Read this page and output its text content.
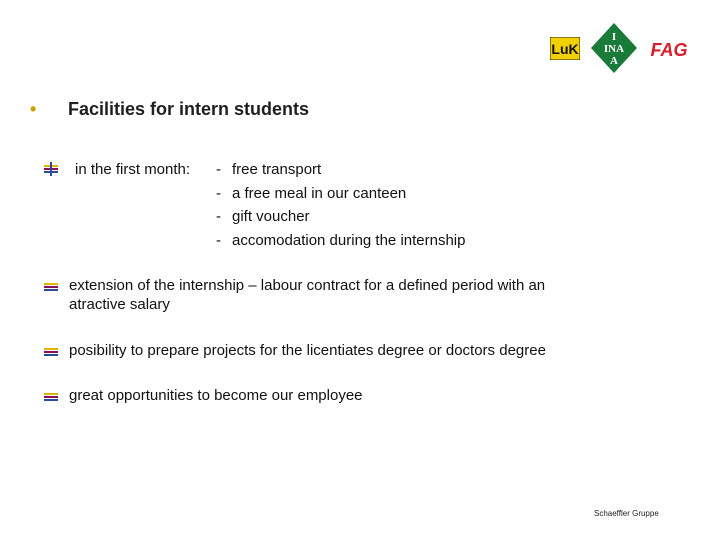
LuK
I
INA
A
FAG
• Facilities for intern students
in the first month: - free transport
- a free meal in our canteen
- gift voucher
- accomodation during the internship
extension of the internship – labour contract for a defined period with an
atractive salary
posibility to prepare projects for the licentiates degree or doctors degree
great opportunities to become our employee
Schaeffler Gruppe
